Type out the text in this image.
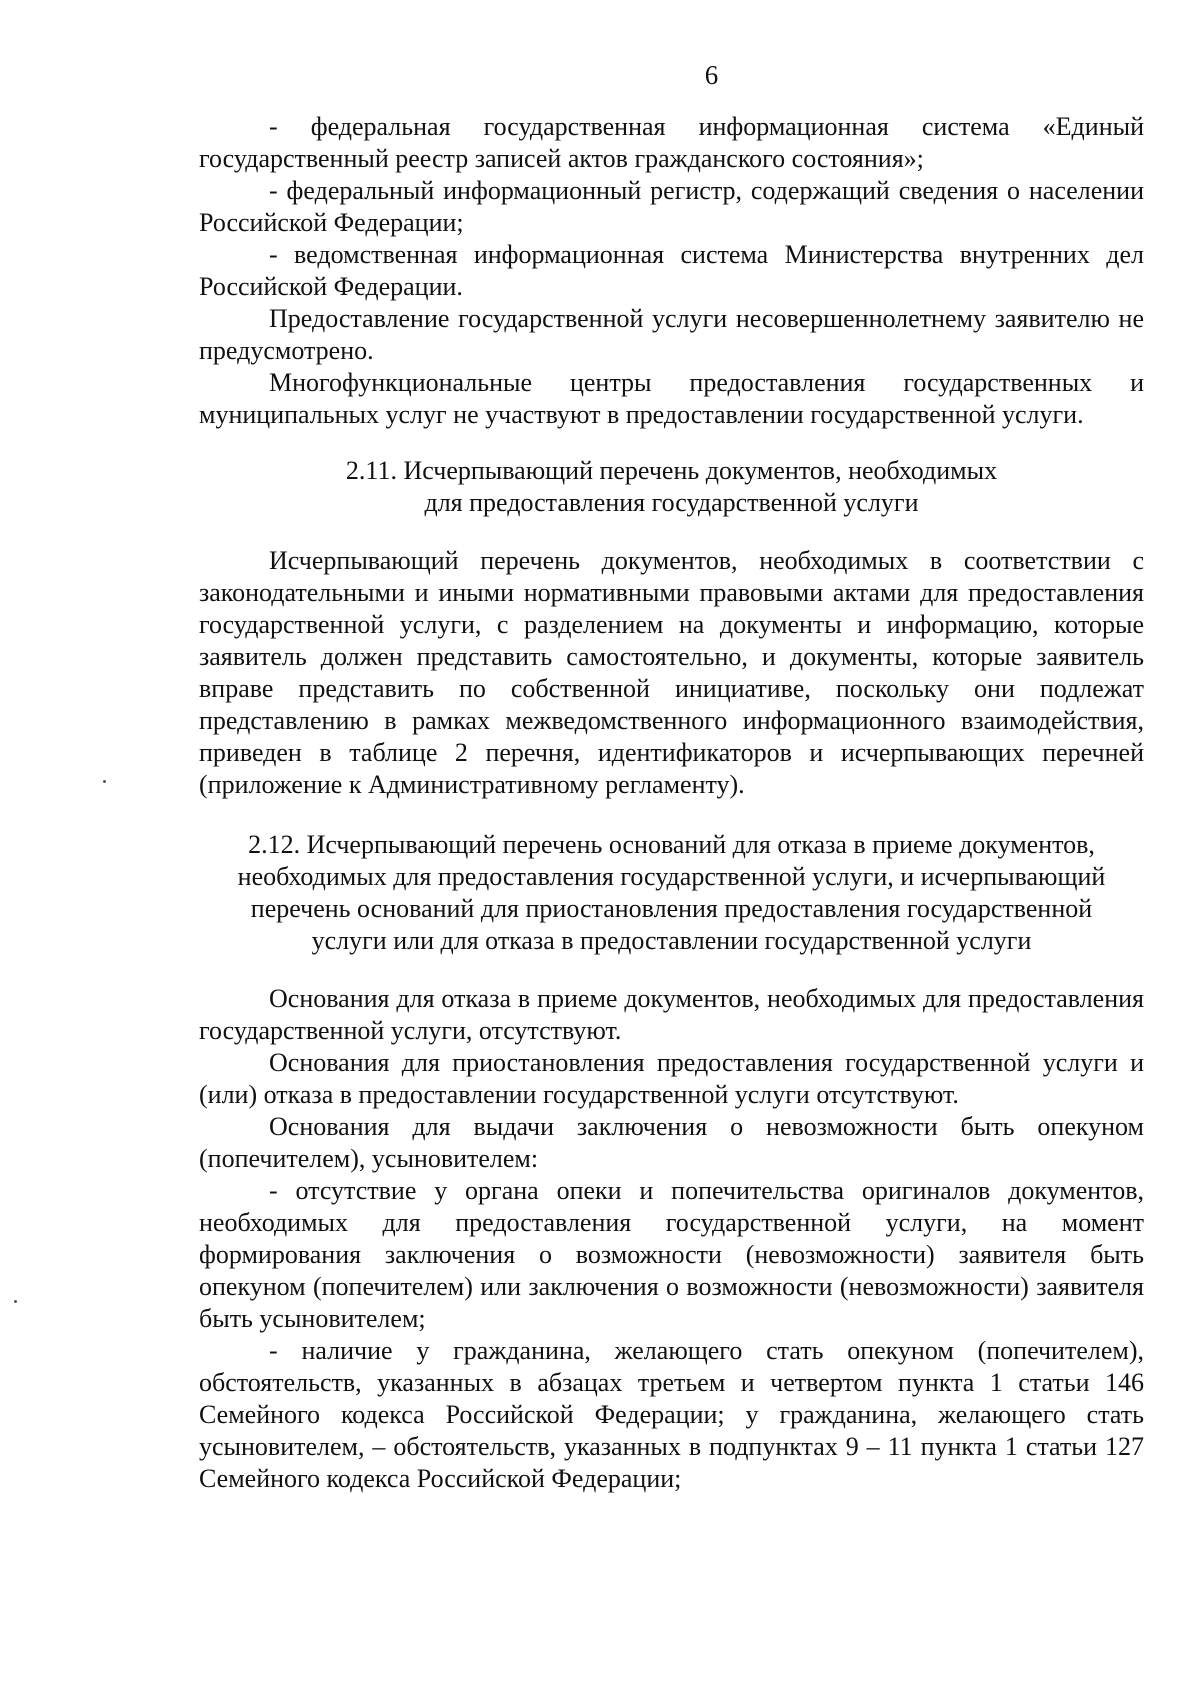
6

- федеральная государственная информационная система «Единый государственный реестр записей актов гражданского состояния»;

- федеральный информационный регистр, содержащий сведения о населении Российской Федерации;

- ведомственная информационная система Министерства внутренних дел Российской Федерации.

Предоставление государственной услуги несовершеннолетнему заявителю не предусмотрено.

Многофункциональные центры предоставления государственных и муниципальных услуг не участвуют в предоставлении государственной услуги.

2.11. Исчерпывающий перечень документов, необходимых
для предоставления государственной услуги

Исчерпывающий перечень документов, необходимых в соответствии с законодательными и иными нормативными правовыми актами для предоставления государственной услуги, с разделением на документы и информацию, которые заявитель должен представить самостоятельно, и документы, которые заявитель вправе представить по собственной инициативе, поскольку они подлежат представлению в рамках межведомственного информационного взаимодействия, приведен в таблице 2 перечня, идентификаторов и исчерпывающих перечней (приложение к Административному регламенту).

2.12. Исчерпывающий перечень оснований для отказа в приеме документов,
необходимых для предоставления государственной услуги, и исчерпывающий
перечень оснований для приостановления предоставления государственной
услуги или для отказа в предоставлении государственной услуги

Основания для отказа в приеме документов, необходимых для предоставления государственной услуги, отсутствуют.

Основания для приостановления предоставления государственной услуги и (или) отказа в предоставлении государственной услуги отсутствуют.

Основания для выдачи заключения о невозможности быть опекуном (попечителем), усыновителем:

- отсутствие у органа опеки и попечительства оригиналов документов, необходимых для предоставления государственной услуги, на момент формирования заключения о возможности (невозможности) заявителя быть опекуном (попечителем) или заключения о возможности (невозможности) заявителя быть усыновителем;

- наличие у гражданина, желающего стать опекуном (попечителем), обстоятельств, указанных в абзацах третьем и четвертом пункта 1 статьи 146 Семейного кодекса Российской Федерации; у гражданина, желающего стать усыновителем, – обстоятельств, указанных в подпунктах 9 – 11 пункта 1 статьи 127 Семейного кодекса Российской Федерации;
